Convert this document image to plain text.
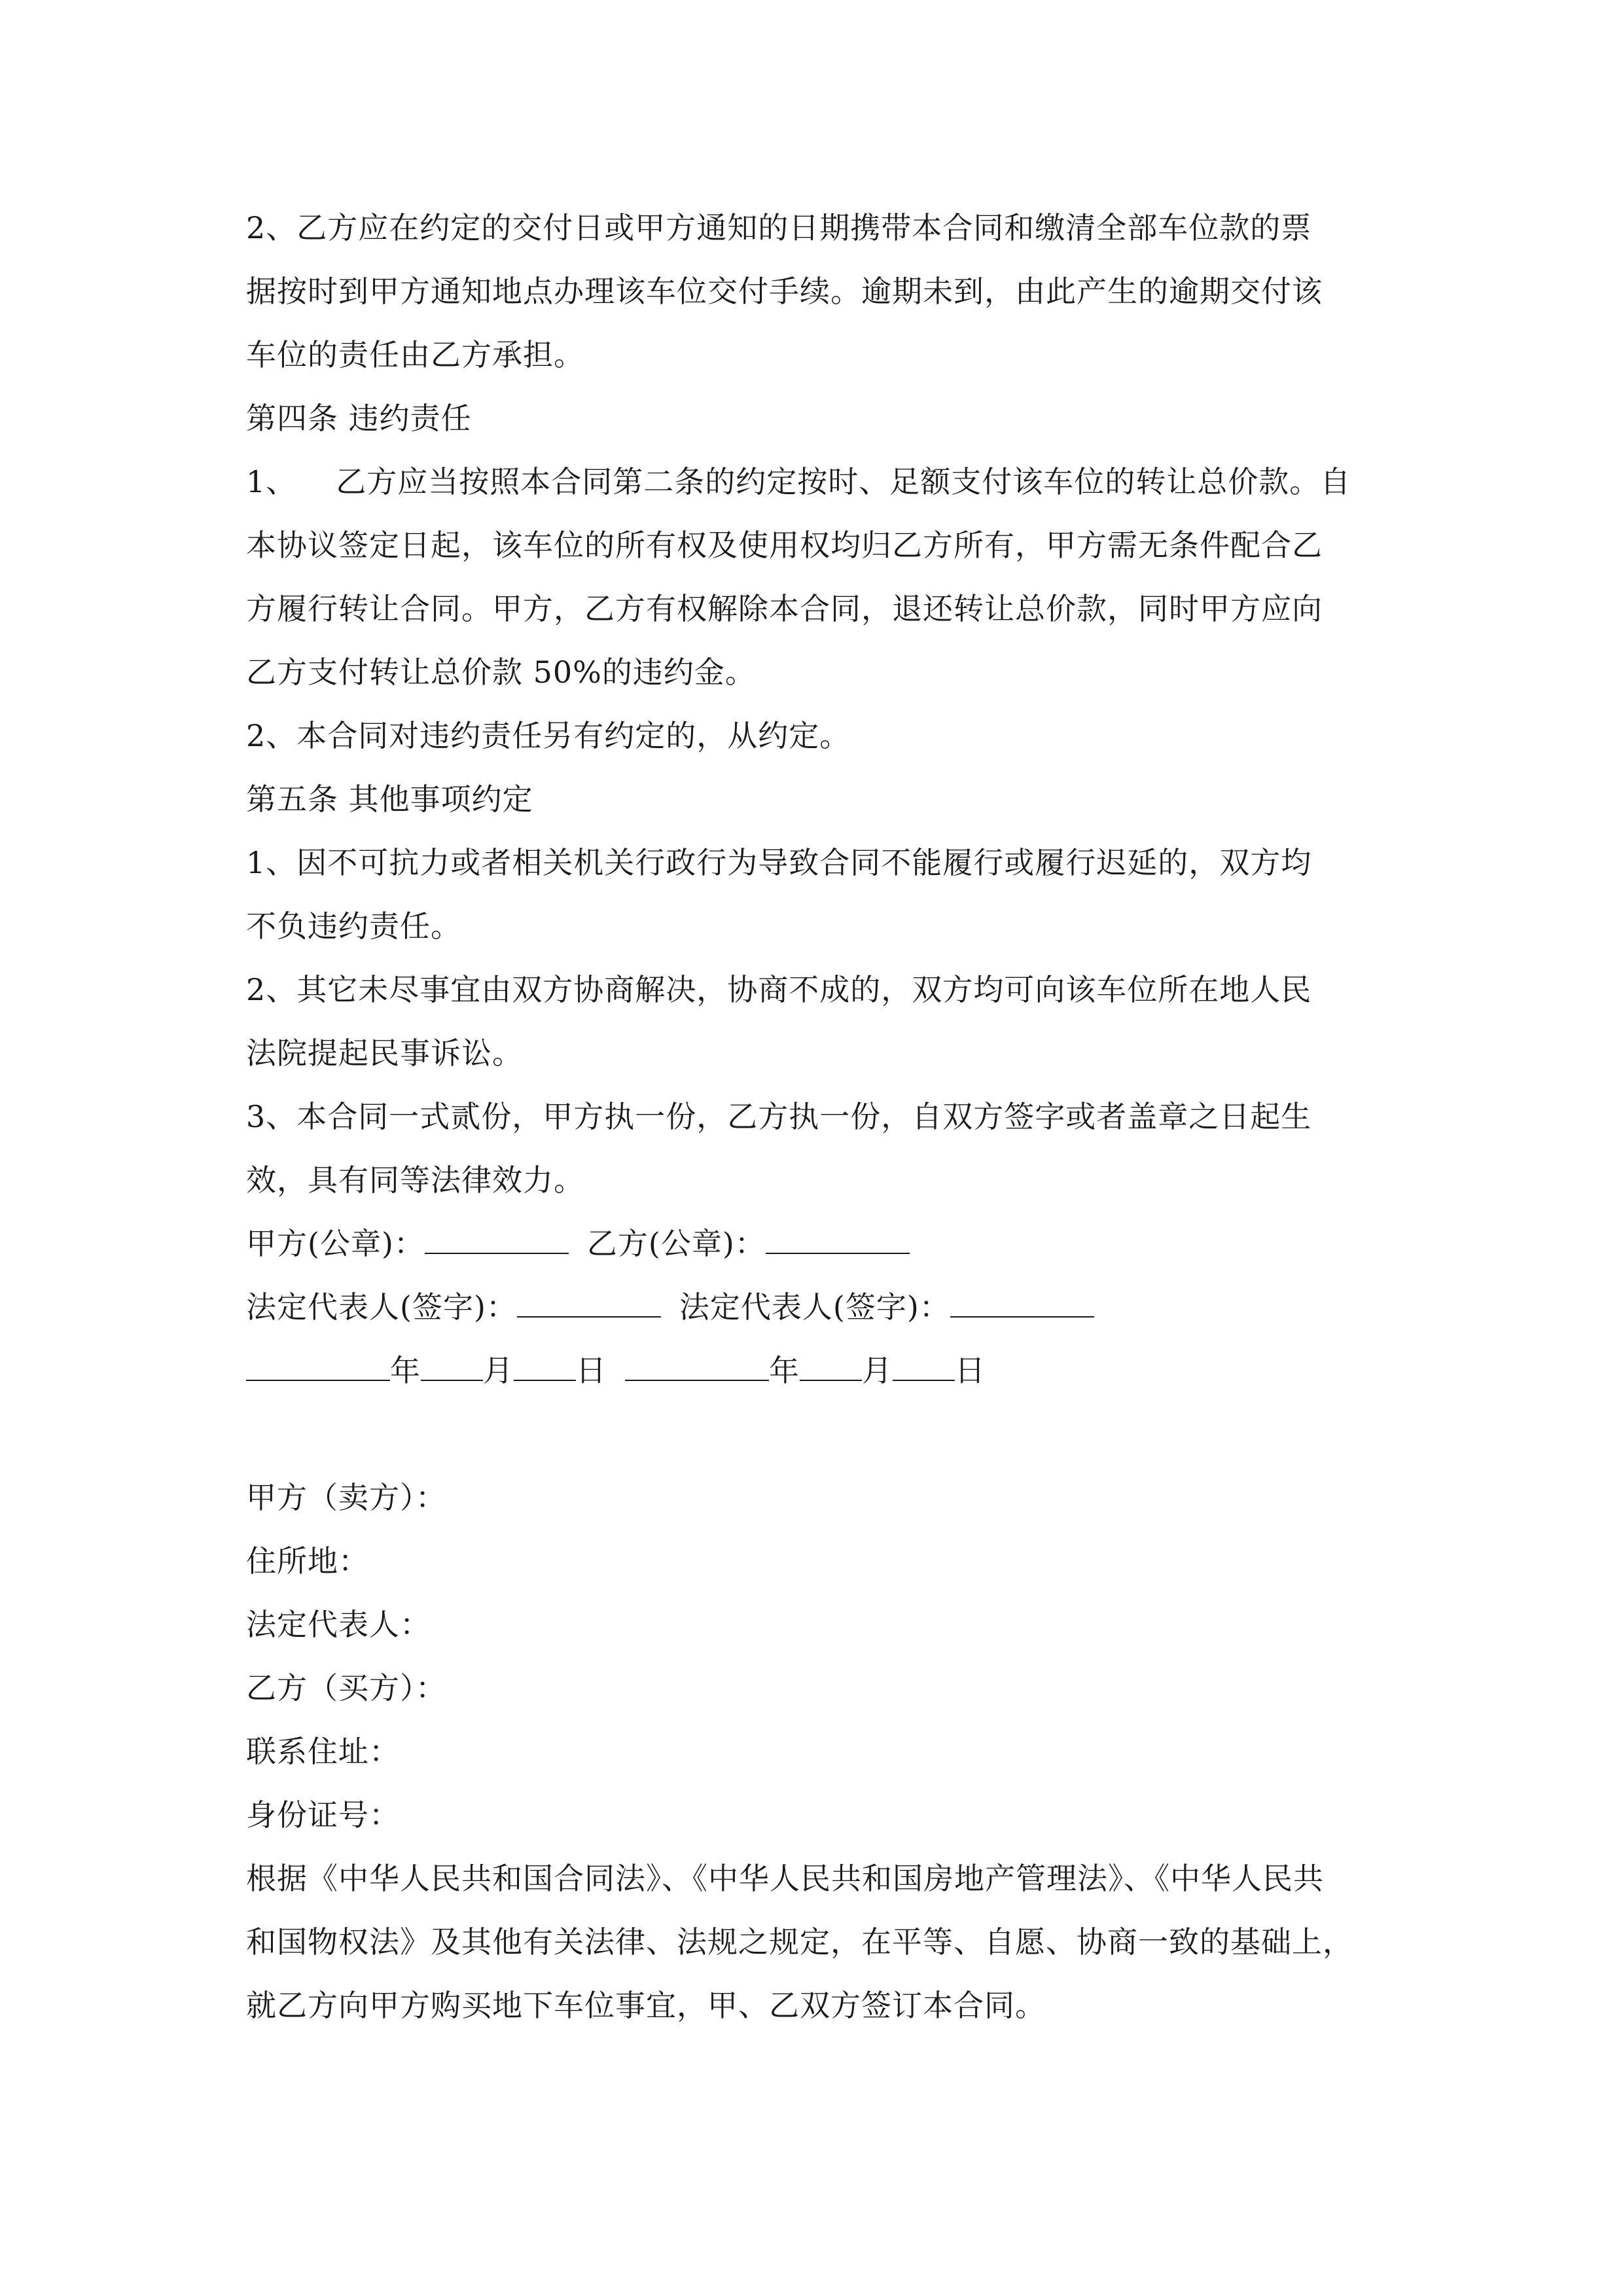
2、乙方应在约定的交付日或甲方通知的日期携带本合同和缴清全部车位款的票
据按时到甲方通知地点办理该车位交付手续。逾期未到，由此产生的逾期交付该
车位的责任由乙方承担。
第四条 违约责任
1、 乙方应当按照本合同第二条的约定按时、足额支付该车位的转让总价款。自
本协议签定日起，该车位的所有权及使用权均归乙方所有，甲方需无条件配合乙
方履行转让合同。甲方，乙方有权解除本合同，退还转让总价款，同时甲方应向
乙方支付转让总价款 50%的违约金。
2、本合同对违约责任另有约定的，从约定。
第五条 其他事项约定
1、因不可抗力或者相关机关行政行为导致合同不能履行或履行迟延的，双方均
不负违约责任。
2、其它未尽事宜由双方协商解决，协商不成的，双方均可向该车位所在地人民
法院提起民事诉讼。
3、本合同一式贰份，甲方执一份，乙方执一份，自双方签字或者盖章之日起生
效，具有同等法律效力。
甲方(公章)：	乙方(公章)：
法定代表人(签字)：	法定代表人(签字)：
年 月 日	年 月 日
甲方（卖方）：
住所地：
法定代表人：
乙方（买方）：
联系住址：
身份证号：
根据《中华人民共和国合同法》、《中华人民共和国房地产管理法》、《中华人民共
和国物权法》及其他有关法律、法规之规定，在平等、自愿、协商一致的基础上，
就乙方向甲方购买地下车位事宜，甲、乙双方签订本合同。
